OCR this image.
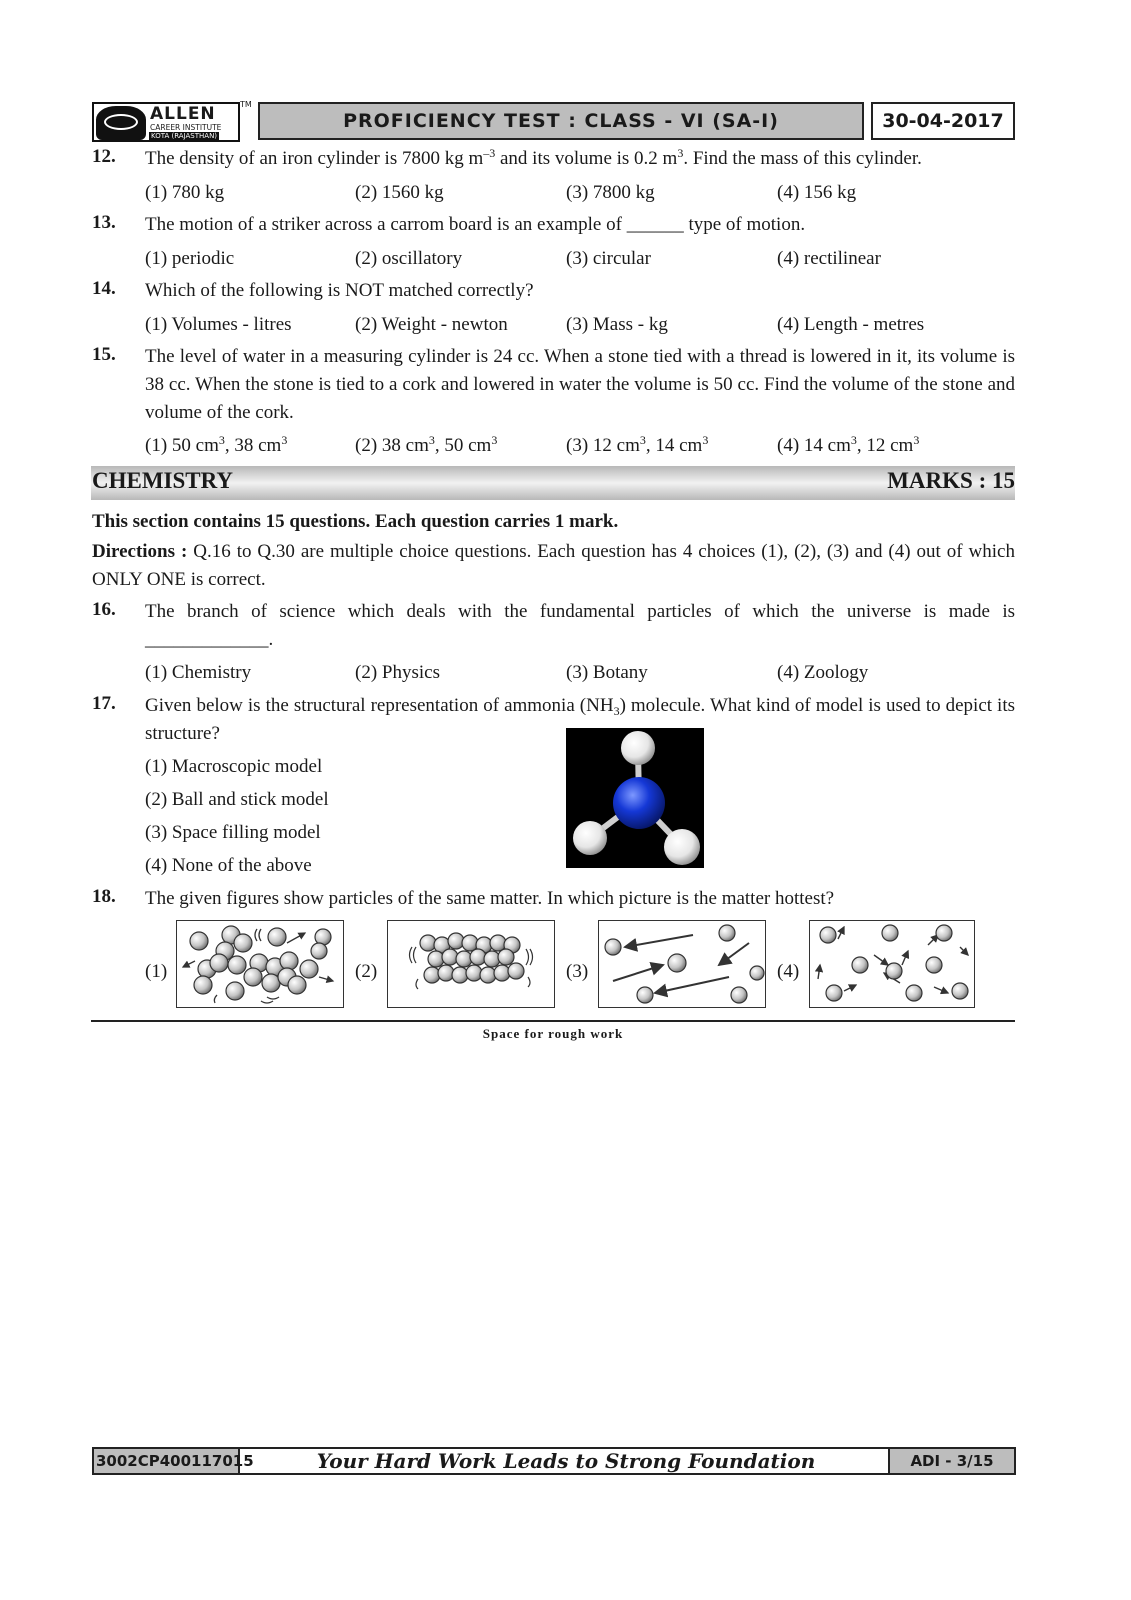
ALLEN
CAREER INSTITUTE
KOTA (RAJASTHAN)
TM
PROFICIENCY TEST : CLASS - VI (SA-I)	30-04-2017
12. The density of an iron cylinder is 7800 kg $m^{-3}$ and its volume is 0.2 $m^3$. Find the mass of this cylinder.
(1) 780 kg	(2) 1560 kg	(3) 7800 kg	(4) 156 kg
13. The motion of a striker across a carrom board is an example of ______ type of motion.
(1) periodic	(2) oscillatory	(3) circular	(4) rectilinear
14. Which of the following is NOT matched correctly?
(1) Volumes - litres	(2) Weight - newton	(3) Mass - kg	(4) Length - metres
15. The level of water in a measuring cylinder is 24 cc. When a stone tied with a thread is lowered in it, its volume is 38 cc. When the stone is tied to a cork and lowered in water the volume is 50 cc. Find the volume of the stone and volume of the cork.
(1) 50 $cm^3$, 38 $cm^3$	(2) 38 $cm^3$, 50 $cm^3$	(3) 12 $cm^3$, 14 $cm^3$	(4) 14 $cm^3$, 12 $cm^3$
CHEMISTRY	MARKS : 15
This section contains 15 questions. Each question carries 1 mark.
Directions : Q.16 to Q.30 are multiple choice questions. Each question has 4 choices (1), (2), (3) and (4) out of which ONLY ONE is correct.
16. The branch of science which deals with the fundamental particles of which the universe is made is _____________.
(1) Chemistry	(2) Physics	(3) Botany	(4) Zoology
17. Given below is the structural representation of ammonia $(NH_3)$ molecule. What kind of model is used to depict its structure?
(1) Macroscopic model
(2) Ball and stick model
(3) Space filling model
(4) None of the above
18. The given figures show particles of the same matter. In which picture is the matter hottest?
(1)	(2)	(3)	(4)
Space for rough work
3002CP400117015	Your Hard Work Leads to Strong Foundation	ADI - 3/15
